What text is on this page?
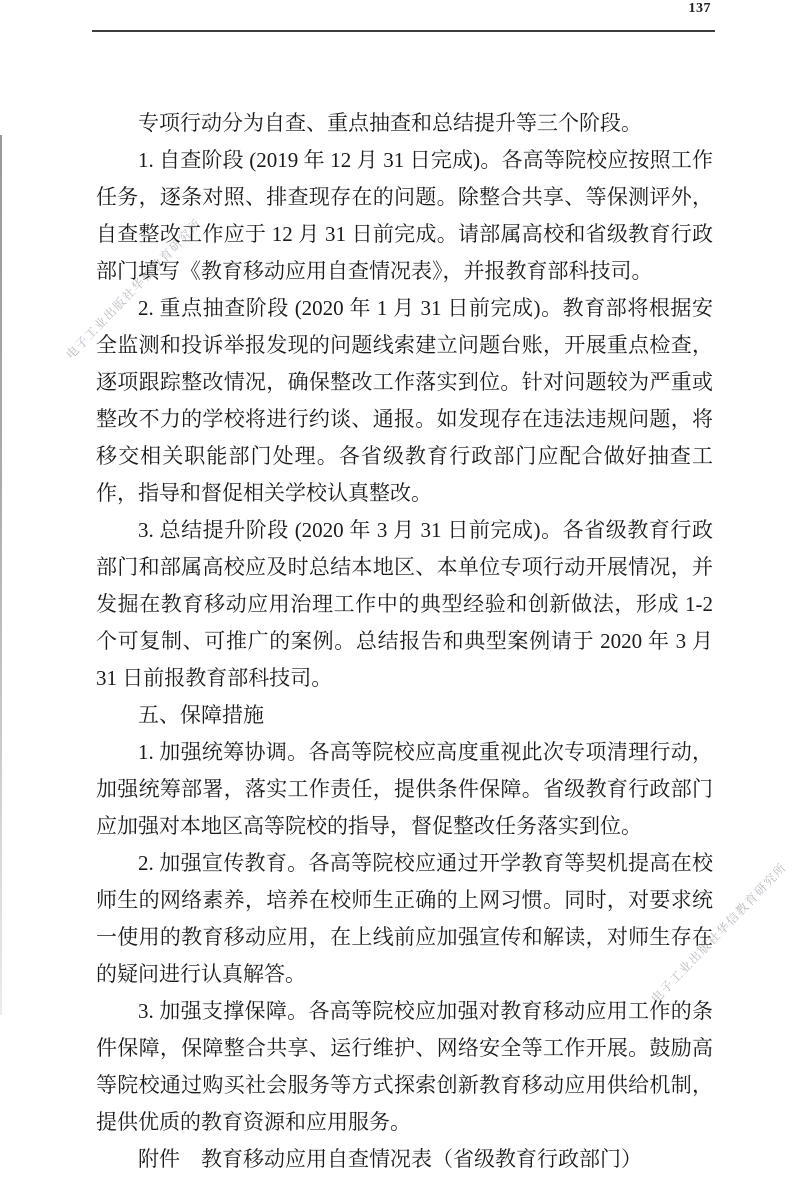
电子工业出版社华信教育研究所
电子工业出版社华信教育研究所
137

专项行动分为自查、重点抽查和总结提升等三个阶段。

1. 自查阶段 (2019 年 12 月 31 日完成)。各高等院校应按照工作任务，逐条对照、排查现存在的问题。除整合共享、等保测评外，自查整改工作应于 12 月 31 日前完成。请部属高校和省级教育行政部门填写《教育移动应用自查情况表》，并报教育部科技司。

2. 重点抽查阶段 (2020 年 1 月 31 日前完成)。教育部将根据安全监测和投诉举报发现的问题线索建立问题台账，开展重点检查，逐项跟踪整改情况，确保整改工作落实到位。针对问题较为严重或整改不力的学校将进行约谈、通报。如发现存在违法违规问题，将移交相关职能部门处理。各省级教育行政部门应配合做好抽查工作，指导和督促相关学校认真整改。

3. 总结提升阶段 (2020 年 3 月 31 日前完成)。各省级教育行政部门和部属高校应及时总结本地区、本单位专项行动开展情况，并发掘在教育移动应用治理工作中的典型经验和创新做法，形成 1-2 个可复制、可推广的案例。总结报告和典型案例请于 2020 年 3 月 31 日前报教育部科技司。

五、保障措施

1. 加强统筹协调。各高等院校应高度重视此次专项清理行动，加强统筹部署，落实工作责任，提供条件保障。省级教育行政部门应加强对本地区高等院校的指导，督促整改任务落实到位。

2. 加强宣传教育。各高等院校应通过开学教育等契机提高在校师生的网络素养，培养在校师生正确的上网习惯。同时，对要求统一使用的教育移动应用，在上线前应加强宣传和解读，对师生存在的疑问进行认真解答。

3. 加强支撑保障。各高等院校应加强对教育移动应用工作的条件保障，保障整合共享、运行维护、网络安全等工作开展。鼓励高等院校通过购买社会服务等方式探索创新教育移动应用供给机制，提供优质的教育资源和应用服务。

附件　教育移动应用自查情况表（省级教育行政部门）
